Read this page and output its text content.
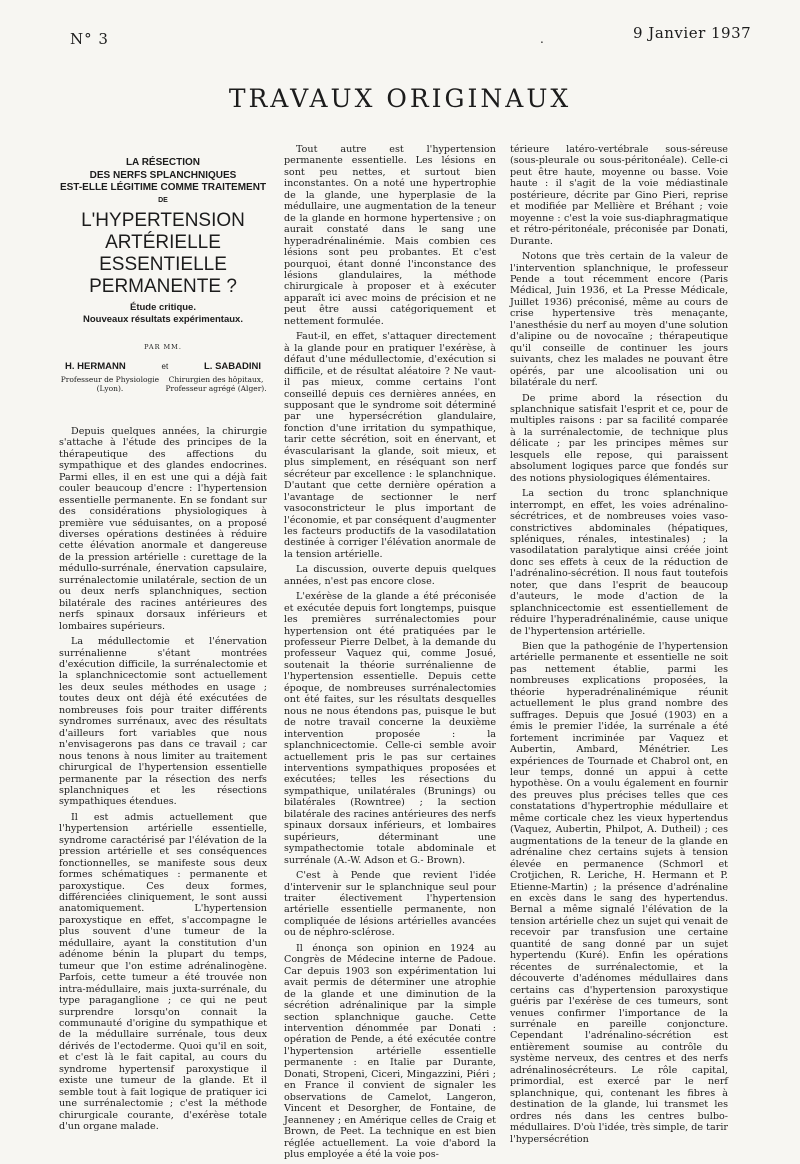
N° 3	.	9 Janvier 1937
TRAVAUX ORIGINAUX
LA RÉSECTION
DES NERFS SPLANCHNIQUES
EST-ELLE LÉGITIME COMME TRAITEMENT
DE
L'HYPERTENSION
ARTÉRIELLE ESSENTIELLE
PERMANENTE ?
Étude critique.
Nouveaux résultats expérimentaux.
PAR MM.
H. HERMANN	et	L. SABADINI
Professeur de Physiologie (Lyon).
Chirurgien des hôpitaux, Professeur agrégé (Alger).

Depuis quelques années, la chirurgie s'attache à l'étude des principes de la thérapeutique des affections du sympathique et des glandes endocrines. Parmi elles, il en est une qui a déjà fait couler beaucoup d'encre : l'hypertension essentielle permanente. En se fondant sur des considérations physiologiques à première vue séduisantes, on a proposé diverses opérations destinées à réduire cette élévation anormale et dangereuse de la pression artérielle : curettage de la médullo-surrénale, énervation capsulaire, surrénalectomie unilatérale, section de un ou deux nerfs splanchniques, section bilatérale des racines antérieures des nerfs spinaux dorsaux inférieurs et lombaires supérieurs.

La médullectomie et l'énervation surrénalienne s'étant montrées d'exécution difficile, la surrénalectomie et la splanchnicectomie sont actuellement les deux seules méthodes en usage ; toutes deux ont déjà été exécutées de nombreuses fois pour traiter différents syndromes surrénaux, avec des résultats d'ailleurs fort variables que nous n'envisagerons pas dans ce travail ; car nous tenons à nous limiter au traitement chirurgical de l'hypertension essentielle permanente par la résection des nerfs splanchniques et les résections sympathiques étendues.

Il est admis actuellement que l'hypertension artérielle essentielle, syndrome caractérisé par l'élévation de la pression artérielle et ses conséquences fonctionnelles, se manifeste sous deux formes schématiques : permanente et paroxystique. Ces deux formes, différenciées cliniquement, le sont aussi anatomiquement. L'hypertension paroxystique en effet, s'accompagne le plus souvent d'une tumeur de la médullaire, ayant la constitution d'un adénome bénin la plupart du temps, tumeur que l'on estime adrénalinogène. Parfois, cette tumeur a été trouvée non intra-médullaire, mais juxta-surrénale, du type paraganglione ; ce qui ne peut surprendre lorsqu'on connait la communauté d'origine du sympathique et de la médullaire surrénale, tous deux dérivés de l'ectoderme. Quoi qu'il en soit, et c'est là le fait capital, au cours du syndrome hypertensif paroxystique il existe une tumeur de la glande. Et il semble tout à fait logique de pratiquer ici une surrénalectomie ; c'est la méthode chirurgicale courante, d'exérèse totale d'un organe malade.

Tout autre est l'hypertension permanente essentielle. Les lésions en sont peu nettes, et surtout bien inconstantes. On a noté une hypertrophie de la glande, une hyperplasie de la médullaire, une augmentation de la teneur de la glande en hormone hypertensive ; on aurait constaté dans le sang une hyperadrénalinémie. Mais combien ces lésions sont peu probantes. Et c'est pourquoi, étant donné l'inconstance des lésions glandulaires, la méthode chirurgicale à proposer et à exécuter apparaît ici avec moins de précision et ne peut être aussi catégoriquement et nettement formulée.

Faut-il, en effet, s'attaquer directement à la glande pour en pratiquer l'exérèse, à défaut d'une médullectomie, d'exécution si difficile, et de résultat aléatoire ? Ne vaut-il pas mieux, comme certains l'ont conseillé depuis ces dernières années, en supposant que le syndrome soit déterminé par une hypersécrétion glandulaire, fonction d'une irritation du sympathique, tarir cette sécrétion, soit en énervant, et évascularisant la glande, soit mieux, et plus simplement, en réséquant son nerf sécréteur par excellence : le splanchnique. D'autant que cette dernière opération a l'avantage de sectionner le nerf vasoconstricteur le plus important de l'économie, et par conséquent d'augmenter les facteurs productifs de la vasodilatation destinée à corriger l'élévation anormale de la tension artérielle.

La discussion, ouverte depuis quelques années, n'est pas encore close.

L'exérèse de la glande a été préconisée et exécutée depuis fort longtemps, puisque les premières surrénalectomies pour hypertension ont été pratiquées par le professeur Pierre Delbet, à la demande du professeur Vaquez qui, comme Josué, soutenait la théorie surrénalienne de l'hypertension essentielle. Depuis cette époque, de nombreuses surrénalectomies ont été faites, sur les résultats desquelles nous ne nous étendons pas, puisque le but de notre travail concerne la deuxième intervention proposée : la splanchnicectomie. Celle-ci semble avoir actuellement pris le pas sur certaines interventions sympathiques proposées et exécutées; telles les résections du sympathique, unilatérales (Brunings) ou bilatérales (Rowntree) ; la section bilatérale des racines antérieures des nerfs spinaux dorsaux inférieurs, et lombaires supérieurs, déterminant une sympathectomie totale abdominale et surrénale (A.-W. Adson et G.- Brown).

C'est à Pende que revient l'idée d'intervenir sur le splanchnique seul pour traiter électivement l'hypertension artérielle essentielle permanente, non compliquée de lésions artérielles avancées ou de néphro-sclérose.

Il énonça son opinion en 1924 au Congrès de Médecine interne de Padoue. Car depuis 1903 son expérimentation lui avait permis de déterminer une atrophie de la glande et une diminution de la sécrétion adrénalinique par la simple section splanchnique gauche. Cette intervention dénommée par Donati : opération de Pende, a été exécutée contre l'hypertension artérielle essentielle permanente : en Italie par Durante, Donati, Stropeni, Ciceri, Mingazzini, Piéri ; en France il convient de signaler les observations de Camelot, Langeron, Vincent et Desorgher, de Fontaine, de Jeanneney ; en Amérique celles de Craig et Brown, de Peet. La technique en est bien réglée actuellement. La voie d'abord la plus employée a été la voie pos-

térieure latéro-vertébrale sous-séreuse (sous-pleurale ou sous-péritonéale). Celle-ci peut être haute, moyenne ou basse. Voie haute : il s'agit de la voie médiastinale postérieure, décrite par Gino Pieri, reprise et modifiée par Mellière et Bréhant ; voie moyenne : c'est la voie sus-diaphragmatique et rétro-péritonéale, préconisée par Donati, Durante.

Notons que très certain de la valeur de l'intervention splanchnique, le professeur Pende a tout récemment encore (Paris Médical, Juin 1936, et La Presse Médicale, Juillet 1936) préconisé, même au cours de crise hypertensive très menaçante, l'anesthésie du nerf au moyen d'une solution d'alipine ou de novocaïne ; thérapeutique qu'il conseille de continuer les jours suivants, chez les malades ne pouvant être opérés, par une alcoolisation uni ou bilatérale du nerf.

De prime abord la résection du splanchnique satisfait l'esprit et ce, pour de multiples raisons : par sa facilité comparée à la surrénalectomie, de technique plus délicate ; par les principes mêmes sur lesquels elle repose, qui paraissent absolument logiques parce que fondés sur des notions physiologiques élémentaires.

La section du tronc splanchnique interrompt, en effet, les voies adrénalino-sécrétrices, et de nombreuses voies vaso-constrictives abdominales (hépatiques, spléniques, rénales, intestinales) ; la vasodilatation paralytique ainsi créée joint donc ses effets à ceux de la réduction de l'adrénalino-sécrétion. Il nous faut toutefois noter, que dans l'esprit de beaucoup d'auteurs, le mode d'action de la splanchnicectomie est essentiellement de réduire l'hyperadrénalinémie, cause unique de l'hypertension artérielle.

Bien que la pathogénie de l'hypertension artérielle permanente et essentielle ne soit pas nettement établie, parmi les nombreuses explications proposées, la théorie hyperadrénalinémique réunit actuellement le plus grand nombre des suffrages. Depuis que Josué (1903) en a émis le premier l'idée, la surrénale a été fortement incriminée par Vaquez et Aubertin, Ambard, Ménétrier. Les expériences de Tournade et Chabrol ont, en leur temps, donné un appui à cette hypothèse. On a voulu également en fournir des preuves plus précises telles que ces constatations d'hypertrophie médullaire et même corticale chez les vieux hypertendus (Vaquez, Aubertin, Philpot, A. Dutheil) ; ces augmentations de la teneur de la glande en adrénaline chez certains sujets à tension élevée en permanence (Schmorl et Crotjichen, R. Leriche, H. Hermann et P. Etienne-Martin) ; la présence d'adrénaline en excès dans le sang des hypertendus. Bernal a même signalé l'élévation de la tension artérielle chez un sujet qui venait de recevoir par transfusion une certaine quantité de sang donné par un sujet hypertendu (Kuré). Enfin les opérations récentes de surrénalectomie, et la découverte d'adénomes médullaires dans certains cas d'hypertension paroxystique guéris par l'exérèse de ces tumeurs, sont venues confirmer l'importance de la surrénale en pareille conjoncture. Cependant l'adrénalino-sécrétion est entièrement soumise au contrôle du système nerveux, des centres et des nerfs adrénalinosécréteurs. Le rôle capital, primordial, est exercé par le nerf splanchnique, qui, contenant les fibres à destination de la glande, lui transmet les ordres nés dans les centres bulbo-médullaires. D'où l'idée, très simple, de tarir l'hypersécrétion
